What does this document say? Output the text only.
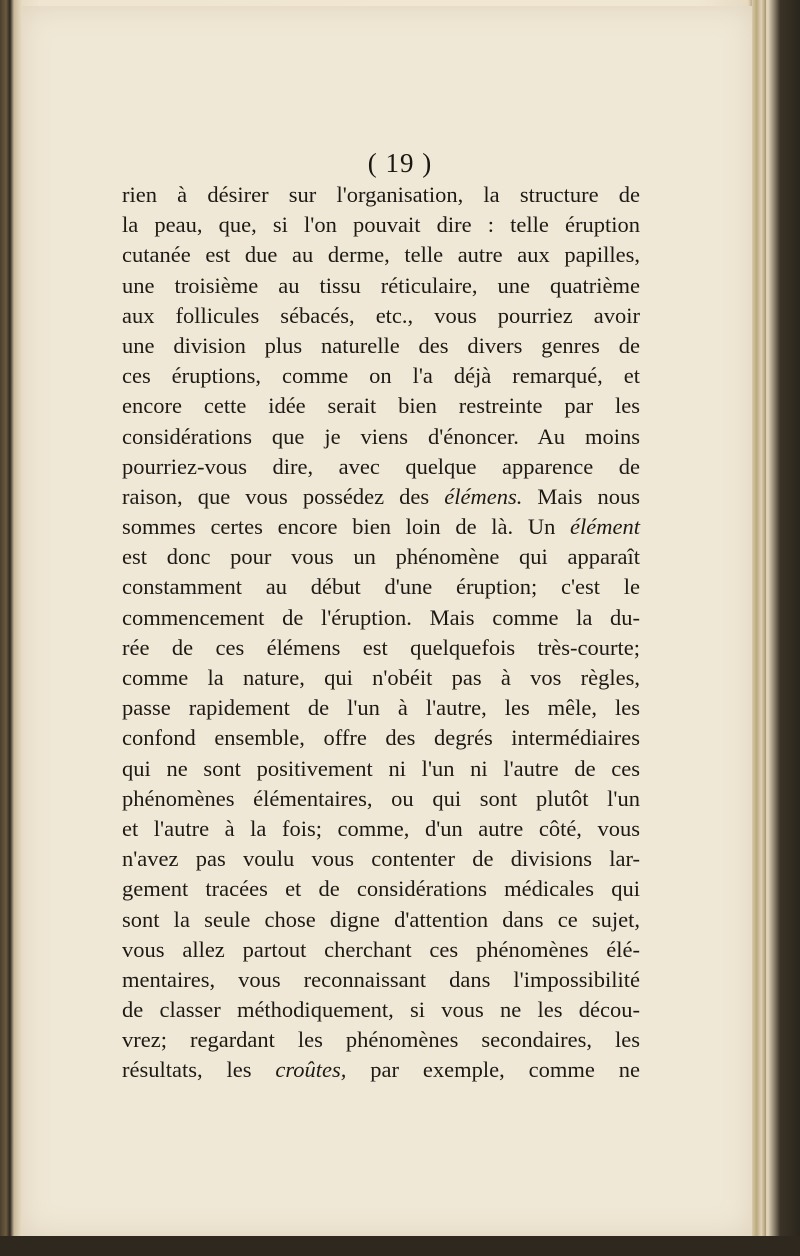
( 19 )
rien à désirer sur l'organisation, la structure de
la peau, que, si l'on pouvait dire : telle éruption
cutanée est due au derme, telle autre aux papilles,
une troisième au tissu réticulaire, une quatrième
aux follicules sébacés, etc., vous pourriez avoir
une division plus naturelle des divers genres de
ces éruptions, comme on l'a déjà remarqué, et
encore cette idée serait bien restreinte par les
considérations que je viens d'énoncer. Au moins
pourriez-vous dire, avec quelque apparence de
raison, que vous possédez des élémens. Mais nous
sommes certes encore bien loin de là. Un élément
est donc pour vous un phénomène qui apparaît
constamment au début d'une éruption; c'est le
commencement de l'éruption. Mais comme la du-
rée de ces élémens est quelquefois très-courte;
comme la nature, qui n'obéit pas à vos règles,
passe rapidement de l'un à l'autre, les mêle, les
confond ensemble, offre des degrés intermédiaires
qui ne sont positivement ni l'un ni l'autre de ces
phénomènes élémentaires, ou qui sont plutôt l'un
et l'autre à la fois; comme, d'un autre côté, vous
n'avez pas voulu vous contenter de divisions lar-
gement tracées et de considérations médicales qui
sont la seule chose digne d'attention dans ce sujet,
vous allez partout cherchant ces phénomènes élé-
mentaires, vous reconnaissant dans l'impossibilité
de classer méthodiquement, si vous ne les décou-
vrez; regardant les phénomènes secondaires, les
résultats, les croûtes, par exemple, comme ne
